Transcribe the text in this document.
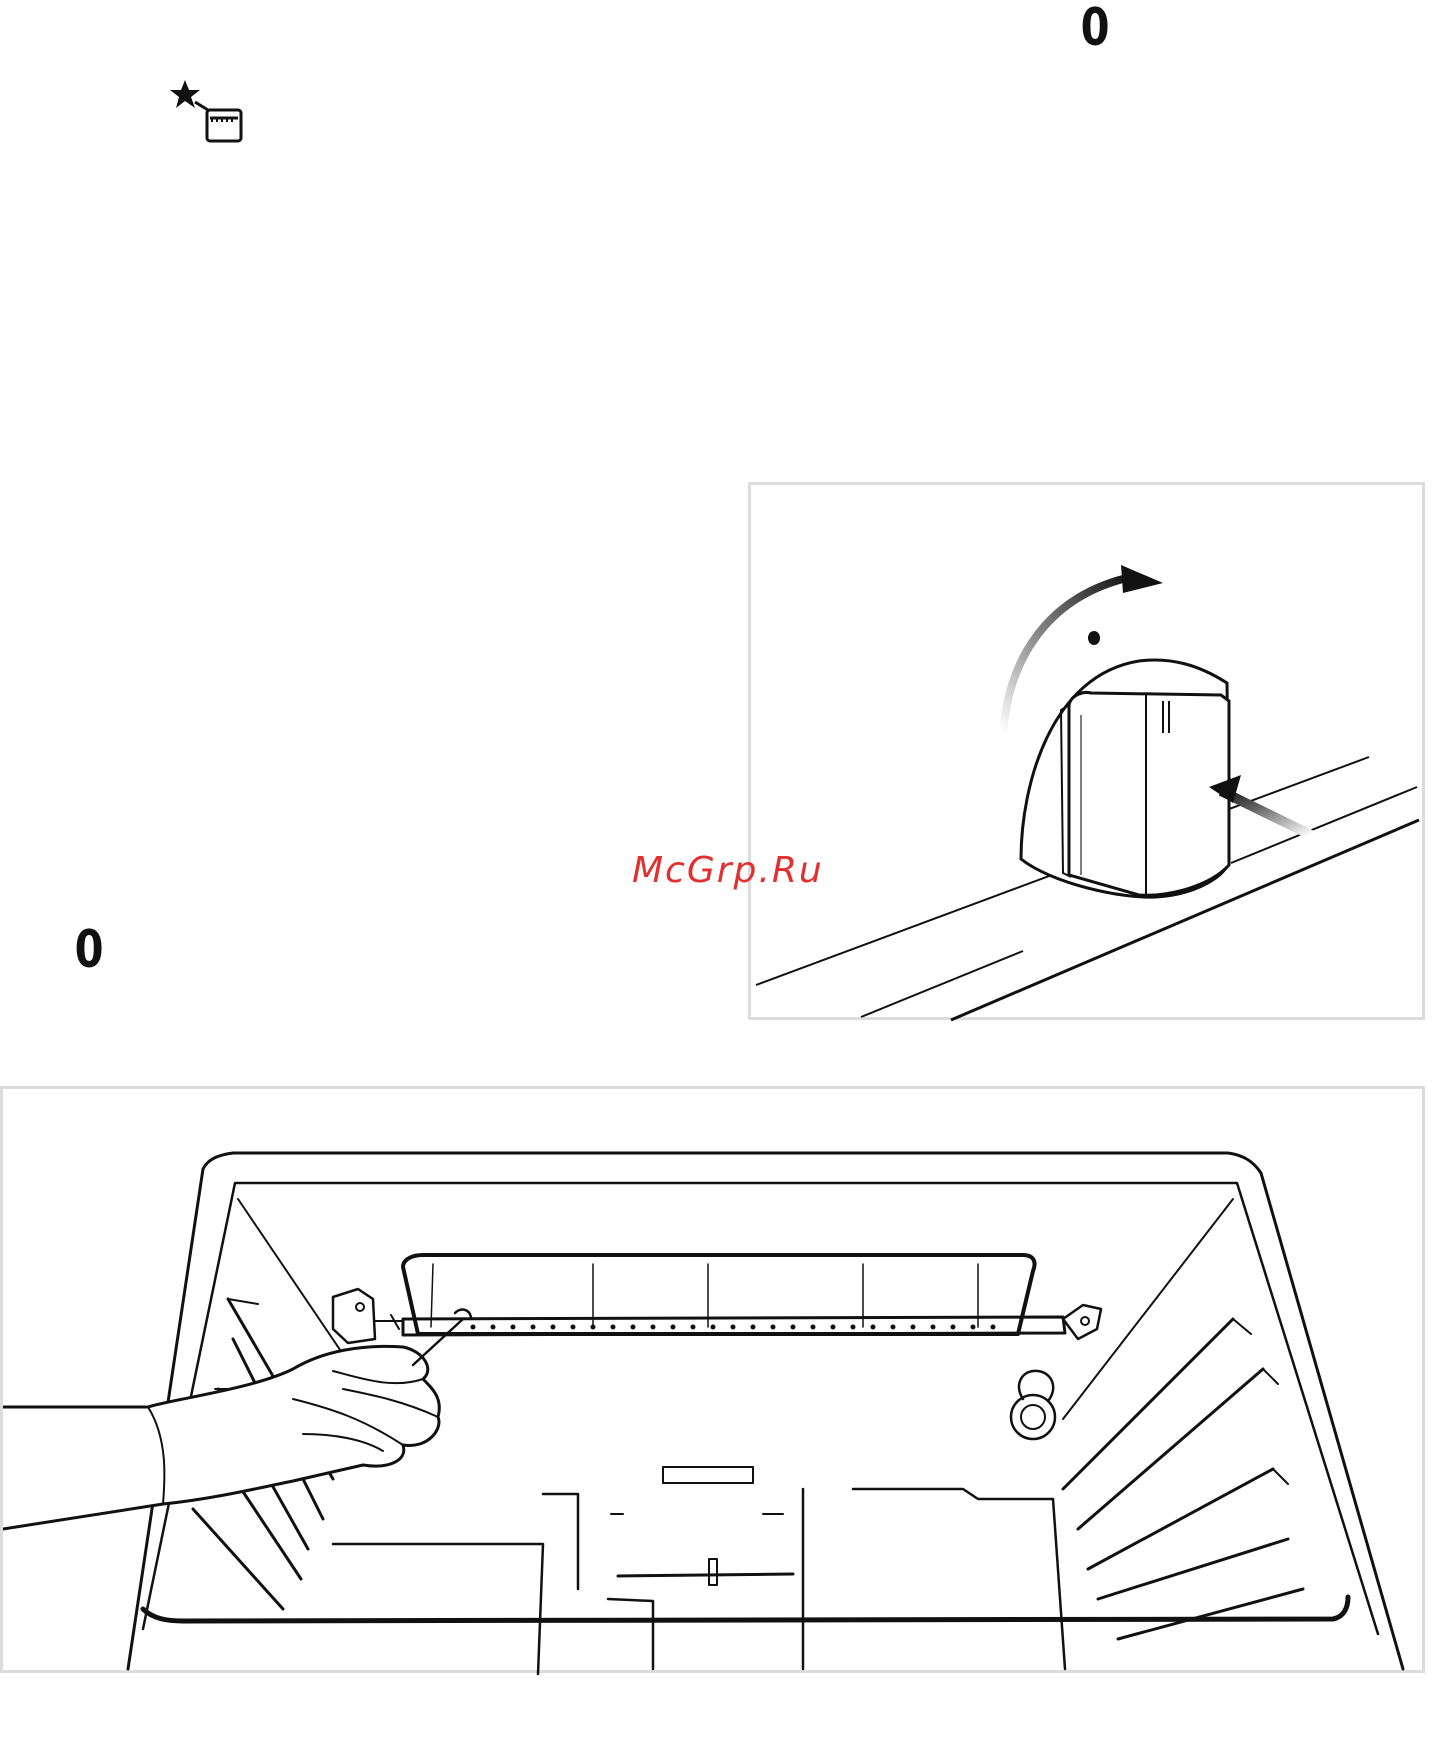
0
0
McGrp.Ru
